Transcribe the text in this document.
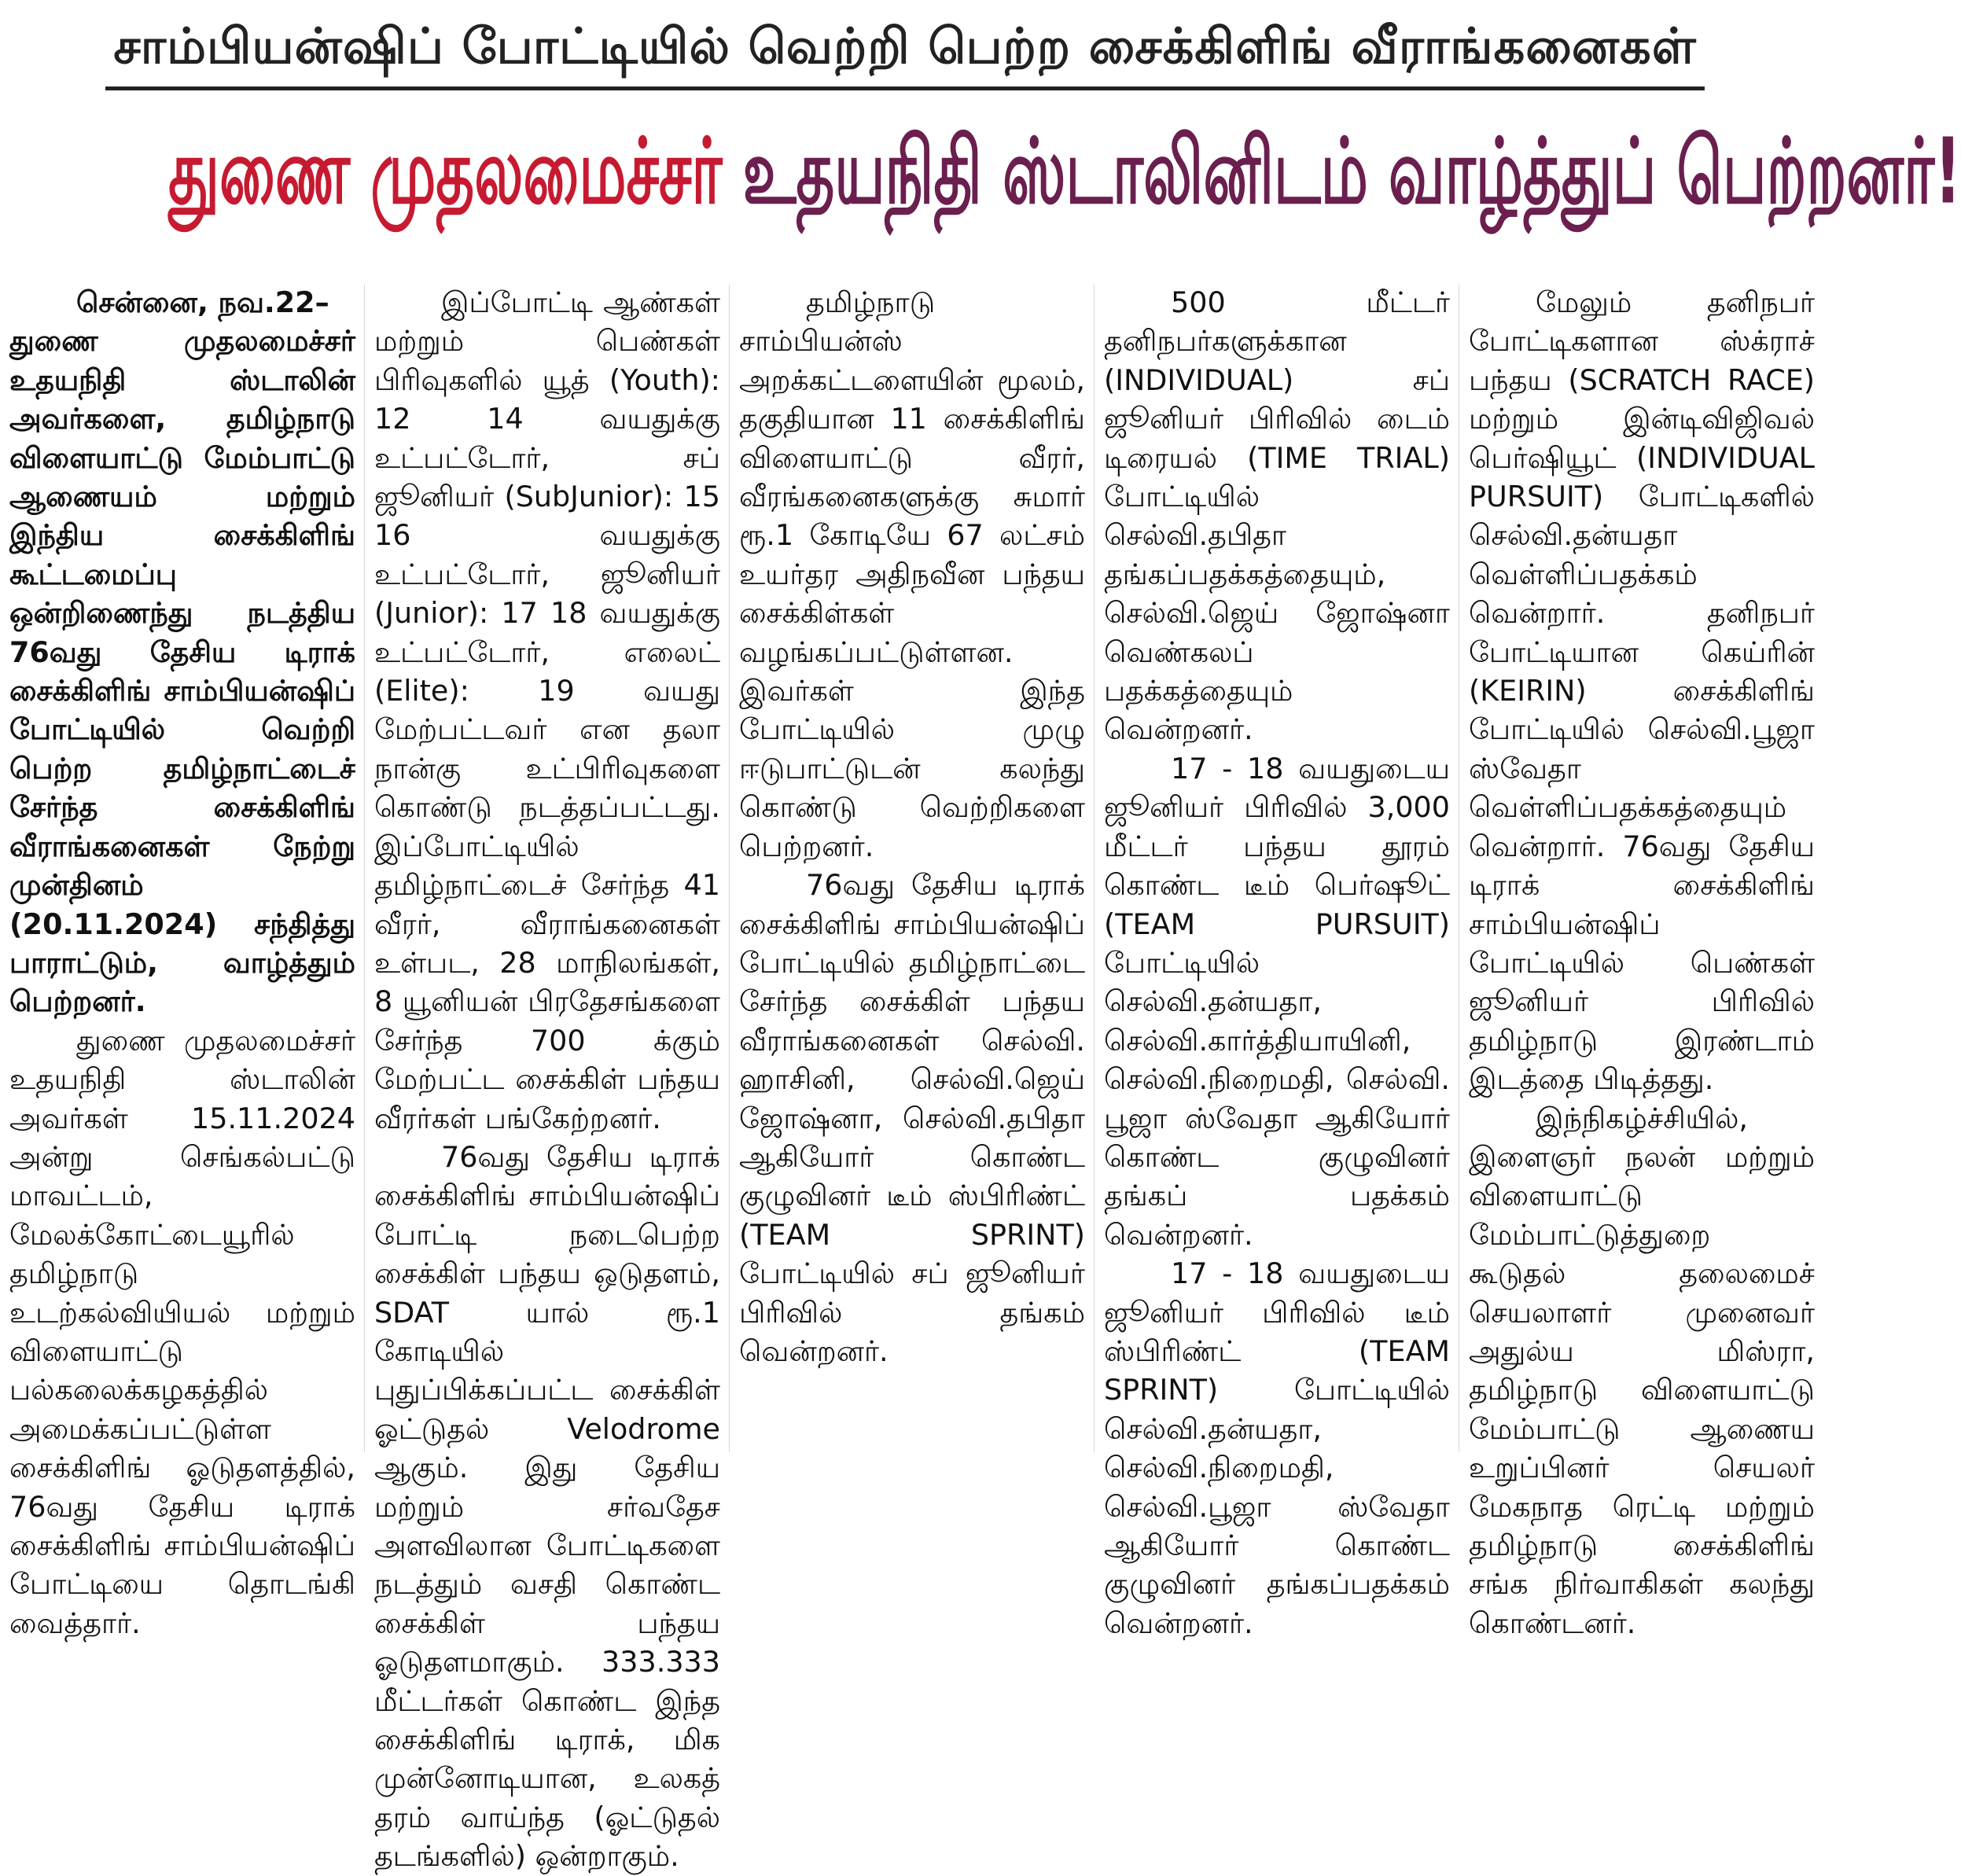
சாம்பியன்ஷிப் போட்டியில் வெற்றி பெற்ற சைக்கிளிங் வீராங்கனைகள்
துணை முதலமைச்சர் உதயநிதி ஸ்டாலினிடம் வாழ்த்துப் பெற்றனர்!

சென்னை, நவ.22–

துணை முதலமைச்சர் உதயநிதி ஸ்டாலின் அவர்களை, தமிழ்நாடு விளையாட்டு மேம்பாட்டு ஆணையம் மற்றும் இந்திய சைக்கிளிங் கூட்டமைப்பு ஒன்றிணைந்து நடத்திய 76வது தேசிய டிராக் சைக்கிளிங் சாம்பியன்ஷிப் போட்டியில் வெற்றி பெற்ற தமிழ்நாட்டைச் சேர்ந்த சைக்கிளிங் வீராங்கனைகள் நேற்று முன்தினம் (20.11.2024) சந்தித்து பாராட்டும், வாழ்த்தும் பெற்றனர்.

துணை முதலமைச்சர் உதயநிதி ஸ்டாலின் அவர்கள் 15.11.2024 அன்று செங்கல்பட்டு மாவட்டம், மேலக்கோட்டையூரில் தமிழ்நாடு உடற்கல்வியியல் மற்றும் விளையாட்டு பல்கலைக்கழகத்தில் அமைக்கப்பட்டுள்ள சைக்கிளிங் ஓடுதளத்தில், 76வது தேசிய டிராக் சைக்கிளிங் சாம்பியன்ஷிப் போட்டியை தொடங்கி வைத்தார்.

இப்போட்டி ஆண்கள் மற்றும் பெண்கள் பிரிவுகளில் யூத் (Youth): 12 14 வயதுக்கு உட்பட்டோர், சப் ஜூனியர் (SubJunior): 15 16 வயதுக்கு உட்பட்டோர், ஜூனியர் (Junior): 17 18 வயதுக்கு உட்பட்டோர், எலைட் (Elite): 19 வயது மேற்பட்டவர் என தலா நான்கு உட்பிரிவுகளை கொண்டு நடத்தப்பட்டது. இப்போட்டியில் தமிழ்நாட்டைச் சேர்ந்த 41 வீரர், வீராங்கனைகள் உள்பட, 28 மாநிலங்கள், 8 யூனியன் பிரதேசங்களை சேர்ந்த 700 க்கும் மேற்பட்ட சைக்கிள் பந்தய வீரர்கள் பங்கேற்றனர்.

76வது தேசிய டிராக் சைக்கிளிங் சாம்பியன்ஷிப் போட்டி நடைபெற்ற சைக்கிள் பந்தய ஒடுதளம், SDAT யால் ரூ.1 கோடியில் புதுப்பிக்கப்பட்ட சைக்கிள் ஓட்டுதல் Velodrome ஆகும். இது தேசிய மற்றும் சர்வதேச அளவிலான போட்டிகளை நடத்தும் வசதி கொண்ட சைக்கிள் பந்தய ஓடுதளமாகும். 333.333 மீட்டர்கள் கொண்ட இந்த சைக்கிளிங் டிராக், மிக முன்னோடியான, உலகத் தரம் வாய்ந்த (ஓட்டுதல் தடங்களில்) ஒன்றாகும்.

தமிழ்நாடு சாம்பியன்ஸ் அறக்கட்டளையின் மூலம், தகுதியான 11 சைக்கிளிங் விளையாட்டு வீரர், வீரங்கனைகளுக்கு சுமார் ரூ.1 கோடியே 67 லட்சம் உயர்தர அதிநவீன பந்தய சைக்கிள்கள் வழங்கப்பட்டுள்ளன. இவர்கள் இந்த போட்டியில் முழு ஈடுபாட்டுடன் கலந்து கொண்டு வெற்றிகளை பெற்றனர்.

76வது தேசிய டிராக் சைக்கிளிங் சாம்பியன்ஷிப் போட்டியில் தமிழ்நாட்டை சேர்ந்த சைக்கிள் பந்தய வீராங்கனைகள் செல்வி. ஹாசினி, செல்வி.ஜெய் ஜோஷ்னா, செல்வி.தபிதா ஆகியோர் கொண்ட குழுவினர் டீம் ஸ்பிரிண்ட் (TEAM SPRINT) போட்டியில் சப் ஜூனியர் பிரிவில் தங்கம் வென்றனர்.

500 மீட்டர் தனிநபர்களுக்கான (INDIVIDUAL) சப் ஜூனியர் பிரிவில் டைம் டிரையல் (TIME TRIAL) போட்டியில் செல்வி.தபிதா தங்கப்பதக்கத்தையும், செல்வி.ஜெய் ஜோஷ்னா வெண்கலப் பதக்கத்தையும் வென்றனர்.

17 - 18 வயதுடைய ஜூனியர் பிரிவில் 3,000 மீட்டர் பந்தய தூரம் கொண்ட டீம் பெர்ஷூட் (TEAM PURSUIT) போட்டியில் செல்வி.தன்யதா, செல்வி.கார்த்தியாயினி, செல்வி.நிறைமதி, செல்வி. பூஜா ஸ்வேதா ஆகியோர் கொண்ட குழுவினர் தங்கப் பதக்கம் வென்றனர்.

17 - 18 வயதுடைய ஜூனியர் பிரிவில் டீம் ஸ்பிரிண்ட் (TEAM SPRINT) போட்டியில் செல்வி.தன்யதா, செல்வி.நிறைமதி, செல்வி.பூஜா ஸ்வேதா ஆகியோர் கொண்ட குழுவினர் தங்கப்பதக்கம் வென்றனர்.

மேலும் தனிநபர் போட்டிகளான ஸ்க்ராச் பந்தய (SCRATCH RACE) மற்றும் இன்டிவிஜிவல் பெர்ஷியூட் (INDIVIDUAL PURSUIT) போட்டிகளில் செல்வி.தன்யதா வெள்ளிப்பதக்கம் வென்றார். தனிநபர் போட்டியான கெய்ரின் (KEIRIN) சைக்கிளிங் போட்டியில் செல்வி.பூஜா ஸ்வேதா வெள்ளிப்பதக்கத்தையும் வென்றார். 76வது தேசிய டிராக் சைக்கிளிங் சாம்பியன்ஷிப் போட்டியில் பெண்கள் ஜூனியர் பிரிவில் தமிழ்நாடு இரண்டாம் இடத்தை பிடித்தது.

இந்நிகழ்ச்சியில், இளைஞர் நலன் மற்றும் விளையாட்டு மேம்பாட்டுத்துறை கூடுதல் தலைமைச் செயலாளர் முனைவர் அதுல்ய மிஸ்ரா, தமிழ்நாடு விளையாட்டு மேம்பாட்டு ஆணைய உறுப்பினர் செயலர் மேகநாத ரெட்டி மற்றும் தமிழ்நாடு சைக்கிளிங் சங்க நிர்வாகிகள் கலந்து கொண்டனர்.
